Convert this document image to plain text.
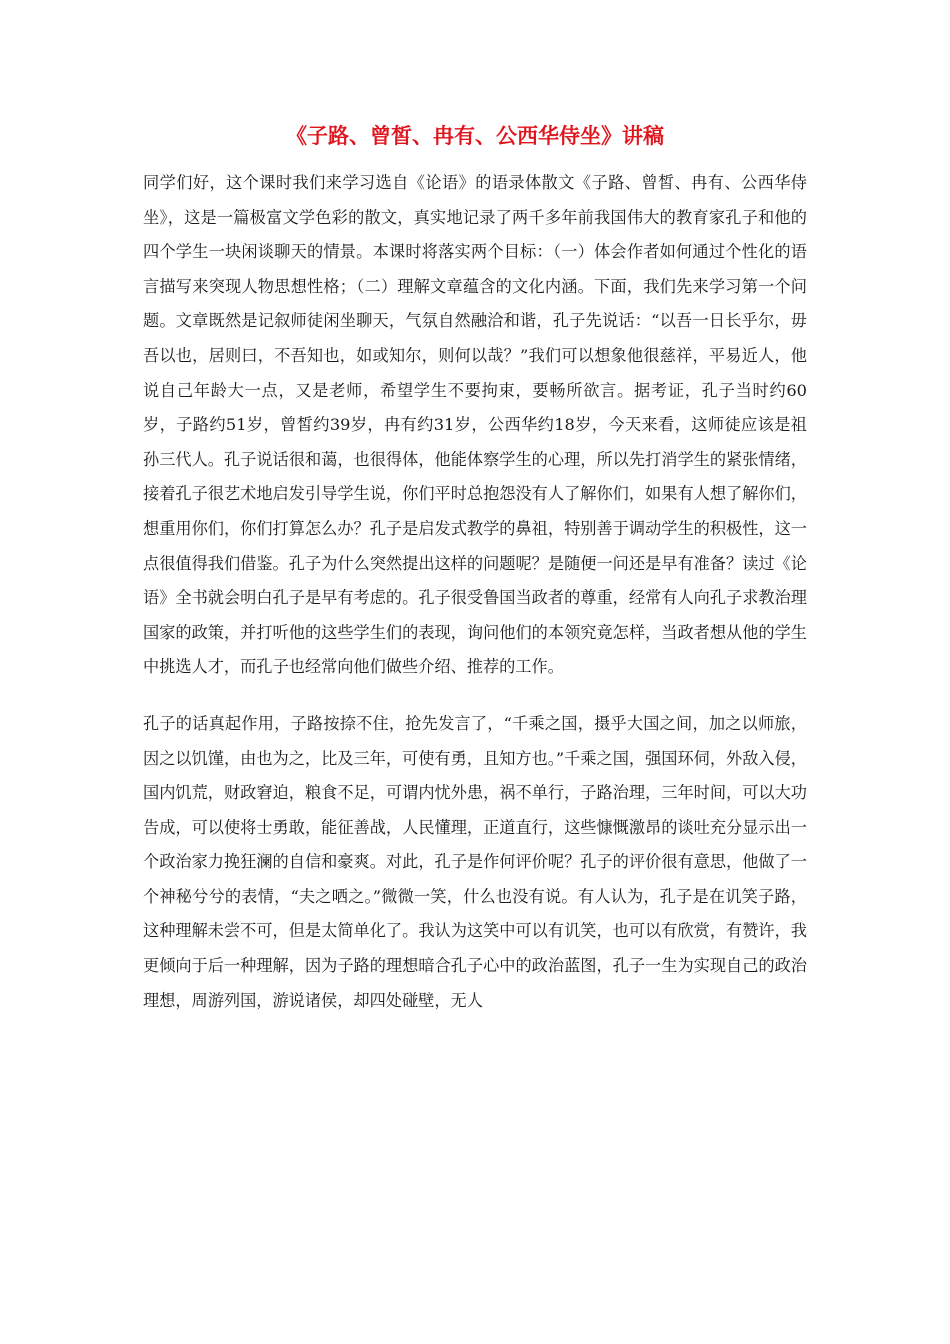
《子路、曾皙、冉有、公西华侍坐》讲稿

同学们好，这个课时我们来学习选自《论语》的语录体散文《子路、曾皙、冉有、公西华侍坐》，这是一篇极富文学色彩的散文，真实地记录了两千多年前我国伟大的教育家孔子和他的四个学生一块闲谈聊天的情景。本课时将落实两个目标：（一）体会作者如何通过个性化的语言描写来突现人物思想性格；（二）理解文章蕴含的文化内涵。下面，我们先来学习第一个问题。文章既然是记叙师徒闲坐聊天，气氛自然融洽和谐，孔子先说话：“以吾一日长乎尔，毋吾以也，居则曰，不吾知也，如或知尔，则何以哉？”我们可以想象他很慈祥，平易近人，他说自己年龄大一点，又是老师，希望学生不要拘束，要畅所欲言。据考证，孔子当时约60岁，子路约51岁，曾皙约39岁，冉有约31岁，公西华约18岁，今天来看，这师徒应该是祖孙三代人。孔子说话很和蔼，也很得体，他能体察学生的心理，所以先打消学生的紧张情绪，接着孔子很艺术地启发引导学生说，你们平时总抱怨没有人了解你们，如果有人想了解你们，想重用你们，你们打算怎么办？孔子是启发式教学的鼻祖，特别善于调动学生的积极性，这一点很值得我们借鉴。孔子为什么突然提出这样的问题呢？是随便一问还是早有准备？读过《论语》全书就会明白孔子是早有考虑的。孔子很受鲁国当政者的尊重，经常有人向孔子求教治理国家的政策，并打听他的这些学生们的表现，询问他们的本领究竟怎样，当政者想从他的学生中挑选人才，而孔子也经常向他们做些介绍、推荐的工作。

孔子的话真起作用，子路按捺不住，抢先发言了，“千乘之国，摄乎大国之间，加之以师旅，因之以饥馑，由也为之，比及三年，可使有勇，且知方也。”千乘之国，强国环伺，外敌入侵，国内饥荒，财政窘迫，粮食不足，可谓内忧外患，祸不单行，子路治理，三年时间，可以大功告成，可以使将士勇敢，能征善战，人民懂理，正道直行，这些慷慨激昂的谈吐充分显示出一个政治家力挽狂澜的自信和豪爽。对此，孔子是作何评价呢？孔子的评价很有意思，他做了一个神秘兮兮的表情，“夫之哂之。”微微一笑，什么也没有说。有人认为，孔子是在讥笑子路，这种理解未尝不可，但是太简单化了。我认为这笑中可以有讥笑，也可以有欣赏，有赞许，我更倾向于后一种理解，因为子路的理想暗合孔子心中的政治蓝图，孔子一生为实现自己的政治理想，周游列国，游说诸侯，却四处碰壁，无人
